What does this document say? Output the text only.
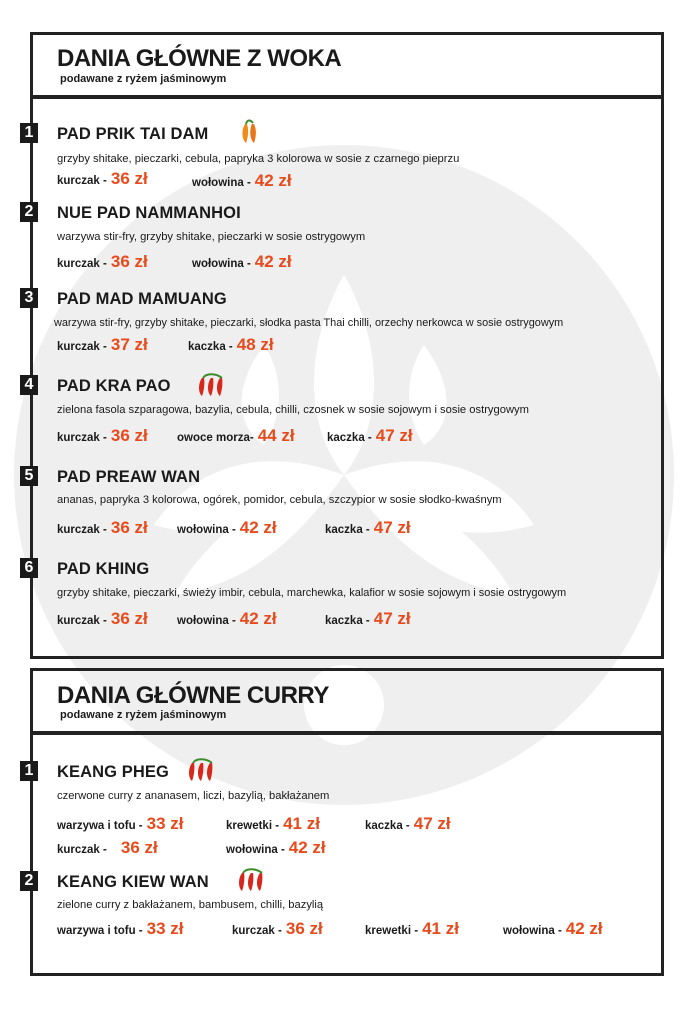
DANIA GŁÓWNE Z WOKA
podawane z ryżem jaśminowym
1 PAD PRIK TAI DAM
grzyby shitake, pieczarki, cebula, papryka 3 kolorowa w sosie z czarnego pieprzu
kurczak - 36 zł	wołowina - 42 zł
2 NUE PAD NAMMANHOI
warzywa stir-fry, grzyby shitake, pieczarki w sosie ostrygowym
kurczak - 36 zł	wołowina - 42 zł
3 PAD MAD MAMUANG
warzywa stir-fry, grzyby shitake, pieczarki, słodka pasta Thai chilli, orzechy nerkowca w sosie ostrygowym
kurczak - 37 zł	kaczka - 48 zł
4 PAD KRA PAO
zielona fasola szparagowa, bazylia, cebula, chilli, czosnek w sosie sojowym i sosie ostrygowym
kurczak - 36 zł	owoce morza- 44 zł	kaczka - 47 zł
5 PAD PREAW WAN
ananas, papryka 3 kolorowa, ogórek, pomidor, cebula, szczypior w sosie słodko-kwaśnym
kurczak - 36 zł	wołowina - 42 zł	kaczka - 47 zł
6 PAD KHING
grzyby shitake, pieczarki, świeży imbir, cebula, marchewka, kalafior w sosie sojowym i sosie ostrygowym
kurczak - 36 zł	wołowina - 42 zł	kaczka - 47 zł
DANIA GŁÓWNE CURRY
podawane z ryżem jaśminowym
1 KEANG PHEG
czerwone curry z ananasem, liczi, bazylią, bakłażanem
warzywa i tofu - 33 zł	krewetki - 41 zł	kaczka - 47 zł
kurczak - 36 zł	wołowina - 42 zł
2 KEANG KIEW WAN
zielone curry z bakłażanem, bambusem, chilli, bazylią
warzywa i tofu - 33 zł	kurczak - 36 zł	krewetki - 41 zł	wołowina - 42 zł
